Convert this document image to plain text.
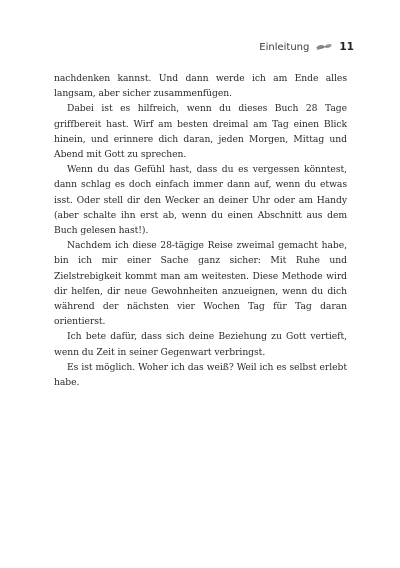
Einleitung	11

nachdenken kannst. Und dann werde ich am Ende alles langsam, aber sicher zusammenfügen.

Dabei ist es hilfreich, wenn du dieses Buch 28 Tage griffbereit hast. Wirf am besten dreimal am Tag einen Blick hinein, und erinnere dich daran, jeden Morgen, Mittag und Abend mit Gott zu sprechen.

Wenn du das Gefühl hast, dass du es vergessen könntest, dann schlag es doch einfach immer dann auf, wenn du etwas isst. Oder stell dir den Wecker an deiner Uhr oder am Handy (aber schalte ihn erst ab, wenn du einen Abschnitt aus dem Buch gelesen hast!).

Nachdem ich diese 28-tägige Reise zweimal gemacht habe, bin ich mir einer Sache ganz sicher: Mit Ruhe und Zielstrebigkeit kommt man am weitesten. Diese Methode wird dir helfen, dir neue Gewohnheiten anzueignen, wenn du dich während der nächsten vier Wochen Tag für Tag daran orientierst.

Ich bete dafür, dass sich deine Beziehung zu Gott vertieft, wenn du Zeit in seiner Gegenwart verbringst.

Es ist möglich. Woher ich das weiß? Weil ich es selbst erlebt habe.
